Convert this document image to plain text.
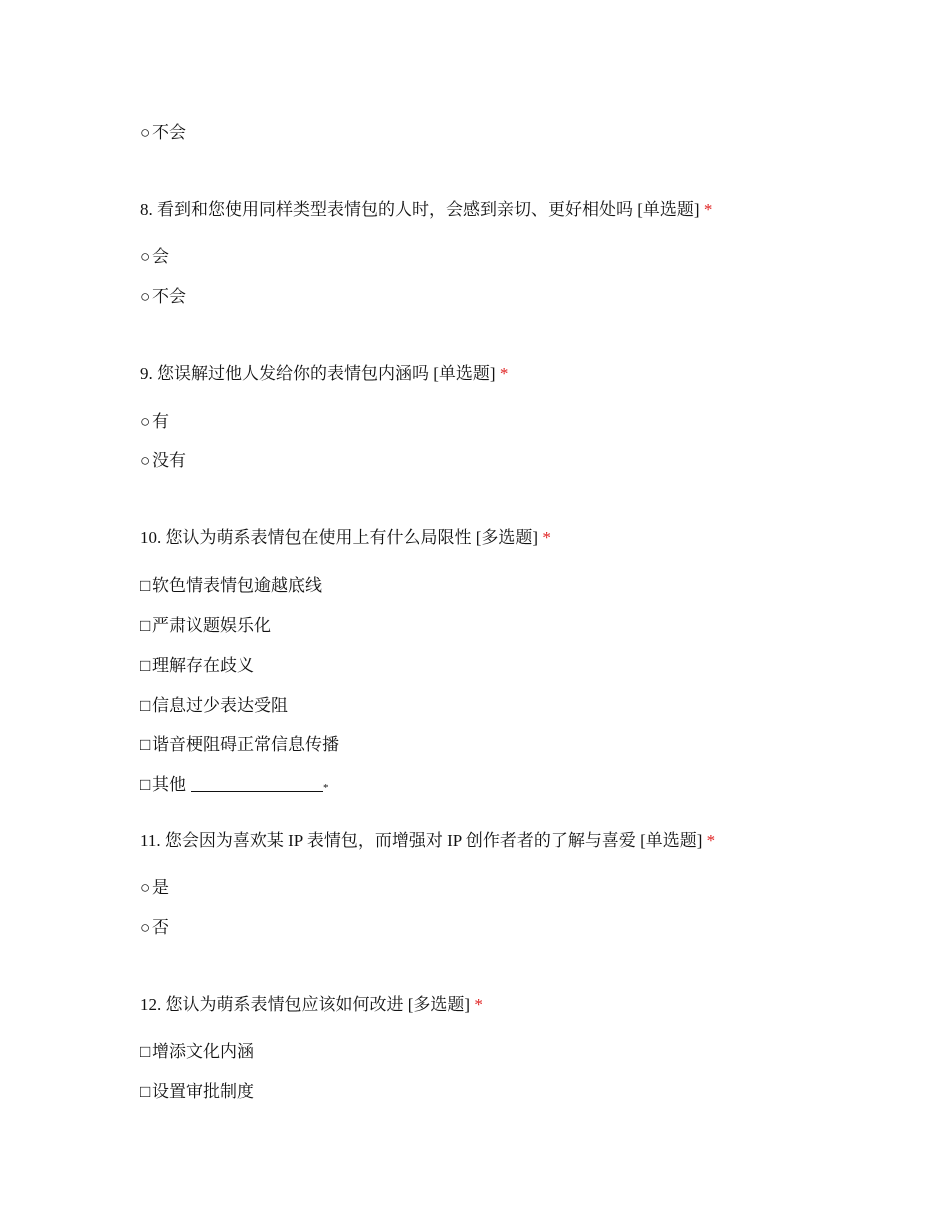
○ 不会
8. 看到和您使用同样类型表情包的人时，会感到亲切、更好相处吗 [单选题] *
○ 会
○ 不会
9. 您误解过他人发给你的表情包内涵吗 [单选题] *
○ 有
○ 没有
10. 您认为萌系表情包在使用上有什么局限性 [多选题] *
□ 软色情表情包逾越底线
□ 严肃议题娱乐化
□ 理解存在歧义
□ 信息过少表达受阻
□ 谐音梗阻碍正常信息传播
□ 其他	*
11. 您会因为喜欢某 IP 表情包，而增强对 IP 创作者者的了解与喜爱 [单选题] *
○ 是
○ 否
12. 您认为萌系表情包应该如何改进 [多选题] *
□ 增添文化内涵
□ 设置审批制度
